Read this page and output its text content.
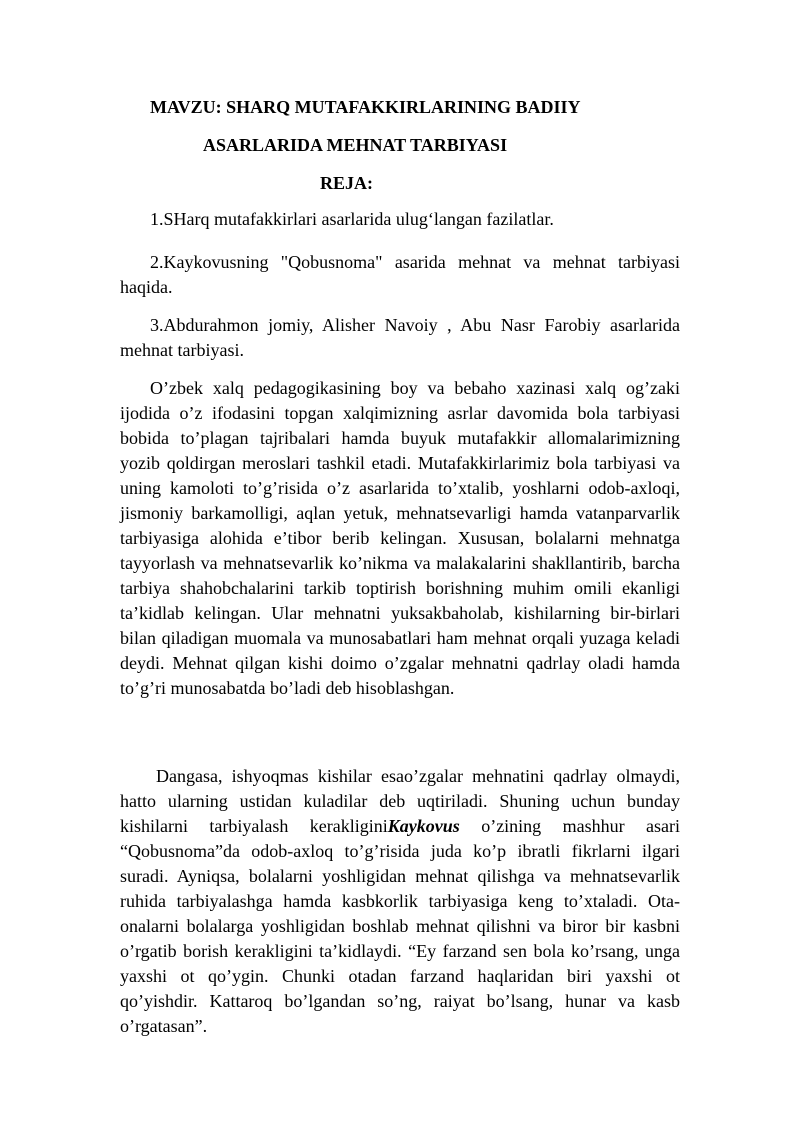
MAVZU: SHARQ MUTAFAKKIRLARINING BADIIY
ASARLARIDA MEHNAT TARBIYASI
REJA:
1.SHarq mutafakkirlari asarlarida ulug‘langan fazilatlar.
2.Kaykovusning "Qobusnoma" asarida mehnat va mehnat tarbiyasi haqida.
3.Abdurahmon jomiy, Alisher Navoiy , Abu Nasr Farobiy asarlarida mehnat tarbiyasi.
O’zbek xalq pedagogikasining boy va bebaho xazinasi xalq og’zaki ijodida o’z ifodasini topgan xalqimizning asrlar davomida bola tarbiyasi bobida to’plagan tajribalari hamda buyuk mutafakkir allomalarimizning yozib qoldirgan meroslari tashkil etadi. Mutafakkirlarimiz bola tarbiyasi va uning kamoloti to’g’risida o’z asarlarida to’xtalib, yoshlarni odob-axloqi, jismoniy barkamolligi, aqlan yetuk, mehnatsevarligi hamda vatanparvarlik tarbiyasiga alohida e’tibor berib kelingan. Xususan, bolalarni mehnatga tayyorlash va mehnatsevarlik ko’nikma va malakalarini shakllantirib, barcha tarbiya shahobchalarini tarkib toptirish borishning muhim omili ekanligi ta’kidlab kelingan. Ular mehnatni yuksakbaholab, kishilarning bir-birlari bilan qiladigan muomala va munosabatlari ham mehnat orqali yuzaga keladi deydi. Mehnat qilgan kishi doimo o’zgalar mehnatni qadrlay oladi hamda to’g’ri munosabatda bo’ladi deb hisoblashgan.
Dangasa, ishyoqmas kishilar esao’zgalar mehnatini qadrlay olmaydi, hatto ularning ustidan kuladilar deb uqtiriladi. Shuning uchun bunday kishilarni tarbiyalash kerakliginiKaykovus o’zining mashhur asari “Qobusnoma”da odob-axloq to’g’risida juda ko’p ibratli fikrlarni ilgari suradi. Ayniqsa, bolalarni yoshligidan mehnat qilishga va mehnatsevarlik ruhida tarbiyalashga hamda kasbkorlik tarbiyasiga keng to’xtaladi. Ota-onalarni bolalarga yoshligidan boshlab mehnat qilishni va biror bir kasbni o’rgatib borish kerakligini ta’kidlaydi. “Ey farzand sen bola ko’rsang, unga yaxshi ot qo’ygin. Chunki otadan farzand haqlaridan biri yaxshi ot qo’yishdir. Kattaroq bo’lgandan so’ng, raiyat bo’lsang, hunar va kasb o’rgatasan”.
